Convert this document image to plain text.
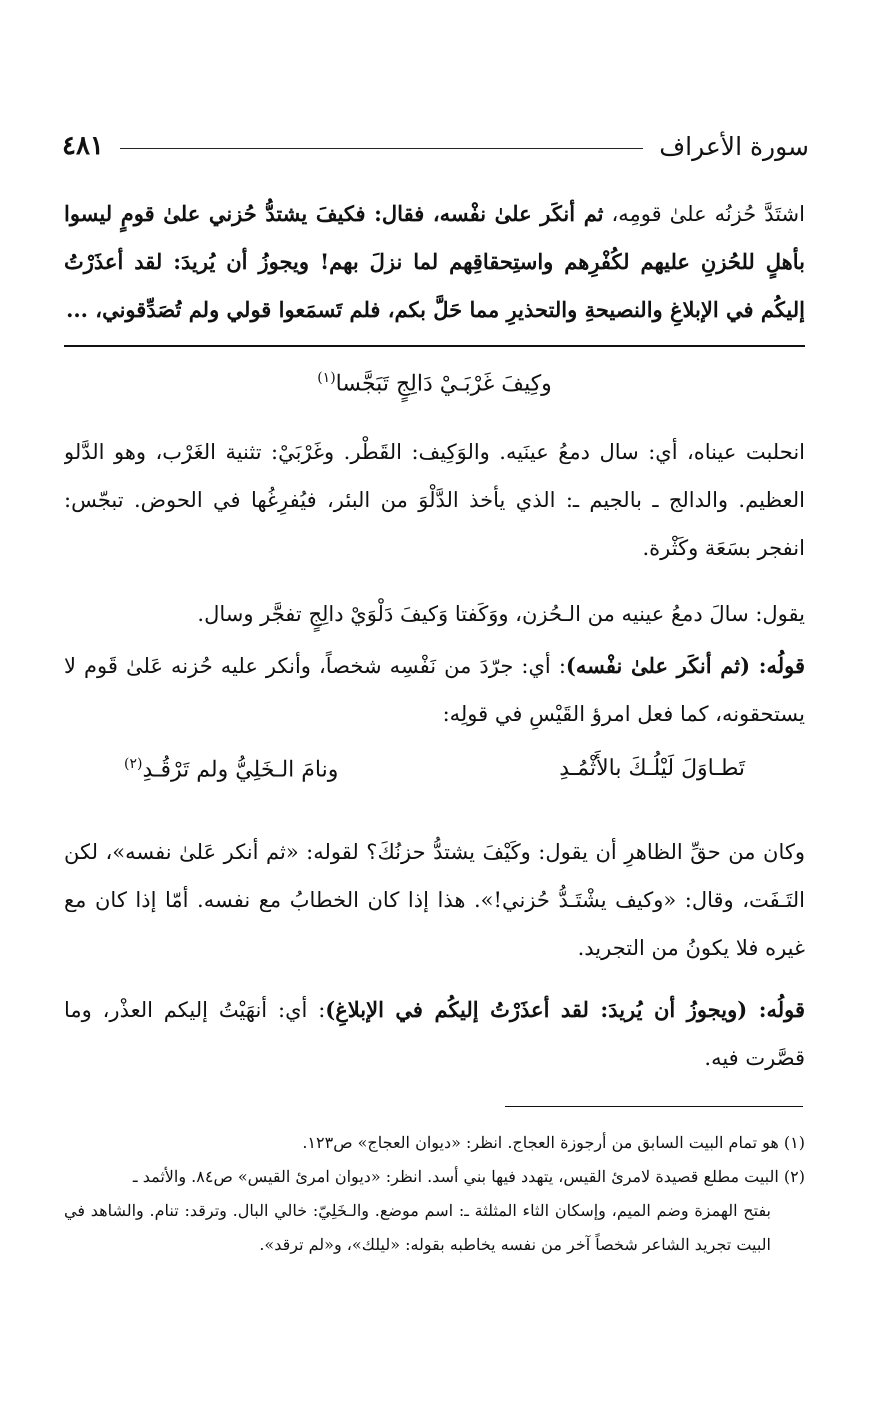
سورة الأعراف
٤٨١

اشتَدَّ حُزنُه علىٰ قومِه، ثم أنكَر علىٰ نفْسه، فقال: فكيفَ يشتدُّ حُزني علىٰ قومٍ ليسوا بأهلٍ للحُزنِ عليهم لكُفْرِهم واستِحقاقِهم لما نزلَ بهم! ويجوزُ أن يُريدَ: لقد أعذَرْتُ إليكُم في الإبلاغِ والنصيحةِ والتحذيرِ مما حَلَّ بكم، فلم تَسمَعوا قولي ولم تُصَدِّقوني، ...

وكِيفَ غَرْبَـيْ دَالِجٍ تَبَجَّسا$^{(١)}$

انحلبت عيناه، أي: سال دمعُ عينَيه. والوَكِيف: القَطْر. وغَرْبَيْ: تثنية الغَرْب، وهو الدَّلو العظيم. والدالج ـ بالجيم ـ: الذي يأخذ الدَّلْوَ من البئر، فيُفرِغُها في الحوض. تبجّس: انفجر بسَعَة وكَثْرة.

يقول: سالَ دمعُ عينيه من الـحُزن، ووَكَفتا وَكيفَ دَلْوَيْ دالِجٍ تفجَّر وسال.

قولُه: (ثم أنكَر علىٰ نفْسه): أي: جرّدَ من نَفْسِه شخصاً، وأنكر عليه حُزنه عَلىٰ قَوم لا يستحقونه، كما فعل امرؤ القَيْسِ في قولِه:

تَطـاوَلَ لَيْلُـكَ بالأَثْمُـدِ
ونامَ الـخَلِيُّ ولم تَرْقُـدِ$^{(٢)}$

وكان من حقِّ الظاهرِ أن يقول: وكَيْفَ يشتدُّ حزنُكَ؟ لقوله: «ثم أنكر عَلىٰ نفسه»، لكن التَـفَت، وقال: «وكيف يشْتَـدُّ حُزني!». هذا إذا كان الخطابُ مع نفسه. أمّا إذا كان مع غيره فلا يكونُ من التجريد.

قولُه: (ويجوزُ أن يُريدَ: لقد أعذَرْتُ إليكُم في الإبلاغِ): أي: أنهَيْتُ إليكم العذْر، وما قصَّرت فيه.

(١) هو تمام البيت السابق من أرجوزة العجاج. انظر: «ديوان العجاج» ص١٢٣.

(٢) البيت مطلع قصيدة لامرئ القيس، يتهدد فيها بني أسد. انظر: «ديوان امرئ القيس» ص٨٤. والأثمد ـ

بفتح الهمزة وضم الميم، وإسكان الثاء المثلثة ـ: اسم موضع. والـخَلِيّ: خالي البال. وترقد: تنام. والشاهد في البيت تجريد الشاعر شخصاً آخر من نفسه يخاطبه بقوله: «ليلك»، و«لم ترقد».
